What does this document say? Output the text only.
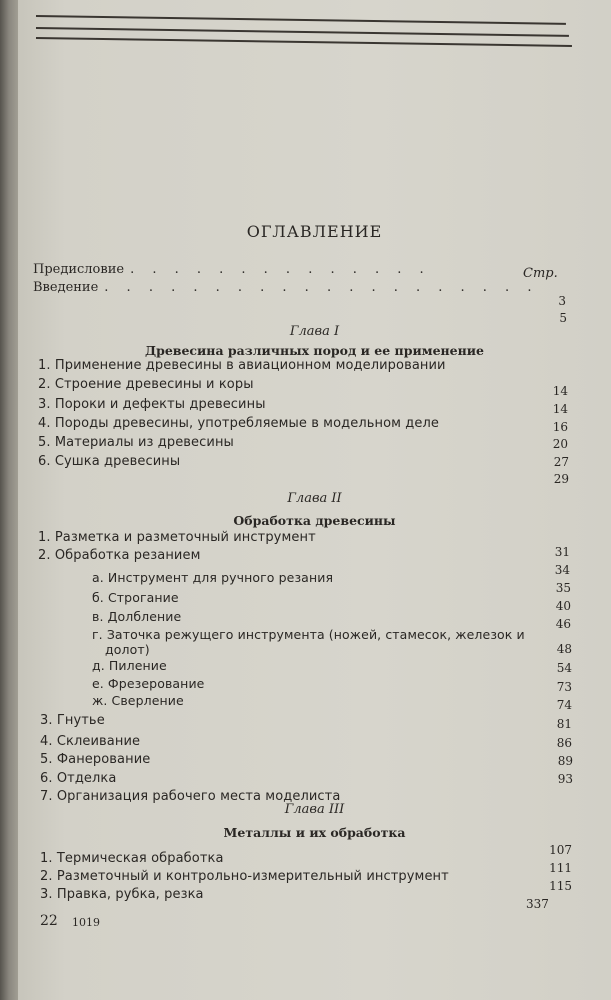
ОГЛАВЛЕНИЕ
Предисловие . . . . . . . . . . . . . .	Стр.
Введение . . . . . . . . . . . . . . . . . . . .
3
5
Глава I
Древесина различных пород и ее применение
1. Применение древесины в авиационном моделировании
2. Строение древесины и коры
3. Пороки и дефекты древесины
4. Породы древесины, употребляемые в модельном деле
5. Материалы из древесины
6. Сушка древесины
14
14
16
20
27
29
Глава II
Обработка древесины
1. Разметка и разметочный инструмент
2. Обработка резанием
а. Инструмент для ручного резания
б. Строгание
в. Долбление
г. Заточка режущего инструмента (ножей, стамесок, железок и
долот)
д. Пиление
е. Фрезерование
ж. Сверление
3. Гнутье
4. Склеивание
5. Фанерование
6. Отделка
7. Организация рабочего места моделиста
31
34
35
40
46
48
54
73
74
81
86
89
93
Глава III
Металлы и их обработка
1. Термическая обработка
2. Разметочный и контрольно-измерительный инструмент
3. Правка, рубка, резка
107
111
115
22 1019
337
